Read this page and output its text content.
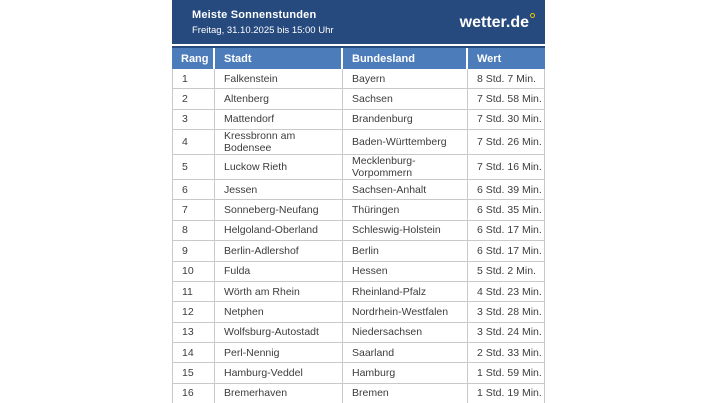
Meiste Sonnenstunden
Freitag, 31.10.2025 bis 15:00 Uhr	wetter.de
Rang	Stadt	Bundesland	Wert
1	Falkenstein	Bayern	8 Std. 7 Min.
2	Altenberg	Sachsen	7 Std. 58 Min.
3	Mattendorf	Brandenburg	7 Std. 30 Min.
4	Kressbronn am Bodensee	Baden-Württemberg	7 Std. 26 Min.
5	Luckow Rieth	Mecklenburg-Vorpommern	7 Std. 16 Min.
6	Jessen	Sachsen-Anhalt	6 Std. 39 Min.
7	Sonneberg-Neufang	Thüringen	6 Std. 35 Min.
8	Helgoland-Oberland	Schleswig-Holstein	6 Std. 17 Min.
9	Berlin-Adlershof	Berlin	6 Std. 17 Min.
10	Fulda	Hessen	5 Std. 2 Min.
11	Wörth am Rhein	Rheinland-Pfalz	4 Std. 23 Min.
12	Netphen	Nordrhein-Westfalen	3 Std. 28 Min.
13	Wolfsburg-Autostadt	Niedersachsen	3 Std. 24 Min.
14	Perl-Nennig	Saarland	2 Std. 33 Min.
15	Hamburg-Veddel	Hamburg	1 Std. 59 Min.
16	Bremerhaven	Bremen	1 Std. 19 Min.
